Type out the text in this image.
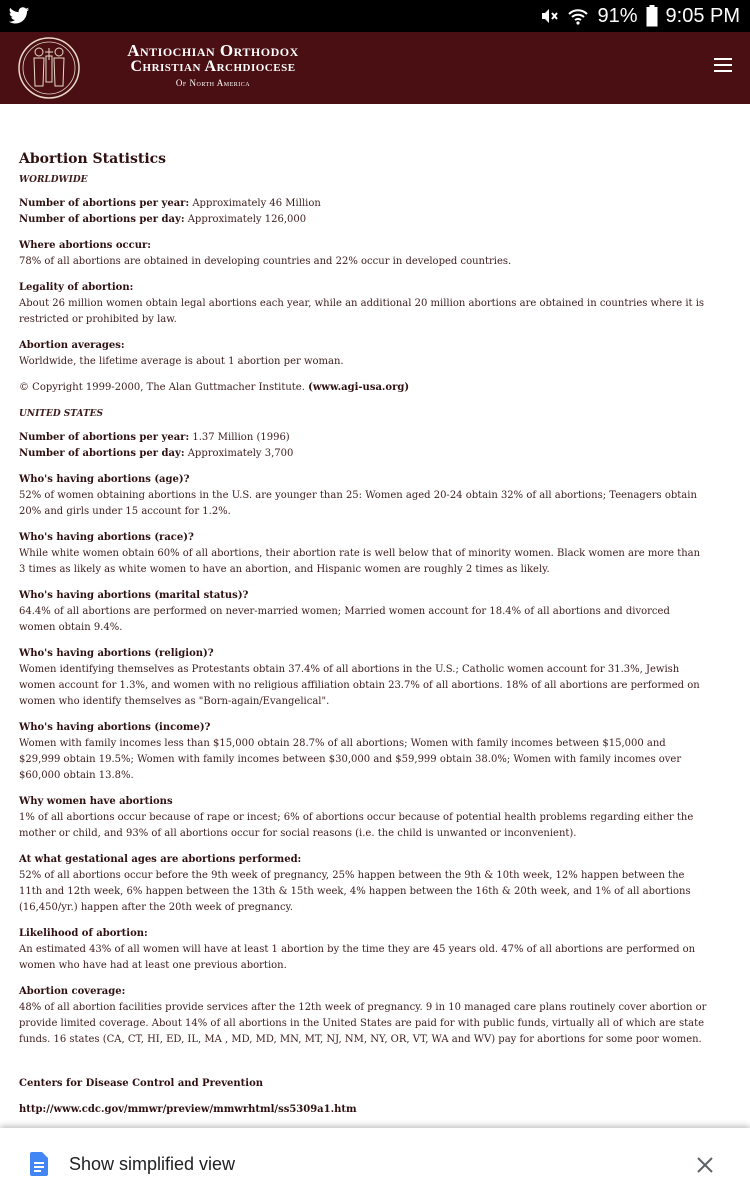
91% 9:05 PM
Antiochian Orthodox
Christian Archdiocese
Of North America
Abortion Statistics

WORLDWIDE

Number of abortions per year: Approximately 46 Million

Number of abortions per day: Approximately 126,000

Where abortions occur:
78% of all abortions are obtained in developing countries and 22% occur in developed countries.
Legality of abortion:
About 26 million women obtain legal abortions each year, while an additional 20 million abortions are obtained in countries where it is restricted or prohibited by law.
Abortion averages:
Worldwide, the lifetime average is about 1 abortion per woman.

© Copyright 1999-2000, The Alan Guttmacher Institute. (www.agi-usa.org)

UNITED STATES

Number of abortions per year: 1.37 Million (1996)

Number of abortions per day: Approximately 3,700

Who's having abortions (age)?
52% of women obtaining abortions in the U.S. are younger than 25: Women aged 20-24 obtain 32% of all abortions; Teenagers obtain 20% and girls under 15 account for 1.2%.
Who's having abortions (race)?
While white women obtain 60% of all abortions, their abortion rate is well below that of minority women. Black women are more than 3 times as likely as white women to have an abortion, and Hispanic women are roughly 2 times as likely.
Who's having abortions (marital status)?
64.4% of all abortions are performed on never-married women; Married women account for 18.4% of all abortions and divorced women obtain 9.4%.
Who's having abortions (religion)?
Women identifying themselves as Protestants obtain 37.4% of all abortions in the U.S.; Catholic women account for 31.3%, Jewish women account for 1.3%, and women with no religious affiliation obtain 23.7% of all abortions. 18% of all abortions are performed on women who identify themselves as "Born-again/Evangelical".
Who's having abortions (income)?
Women with family incomes less than $15,000 obtain 28.7% of all abortions; Women with family incomes between $15,000 and $29,999 obtain 19.5%; Women with family incomes between $30,000 and $59,999 obtain 38.0%; Women with family incomes over $60,000 obtain 13.8%.
Why women have abortions
1% of all abortions occur because of rape or incest; 6% of abortions occur because of potential health problems regarding either the mother or child, and 93% of all abortions occur for social reasons (i.e. the child is unwanted or inconvenient).
At what gestational ages are abortions performed:
52% of all abortions occur before the 9th week of pregnancy, 25% happen between the 9th & 10th week, 12% happen between the 11th and 12th week, 6% happen between the 13th & 15th week, 4% happen between the 16th & 20th week, and 1% of all abortions (16,450/yr.) happen after the 20th week of pregnancy.
Likelihood of abortion:
An estimated 43% of all women will have at least 1 abortion by the time they are 45 years old. 47% of all abortions are performed on women who have had at least one previous abortion.
Abortion coverage:
48% of all abortion facilities provide services after the 12th week of pregnancy. 9 in 10 managed care plans routinely cover abortion or provide limited coverage. About 14% of all abortions in the United States are paid for with public funds, virtually all of which are state funds. 16 states (CA, CT, HI, ED, IL, MA , MD, MD, MN, MT, NJ, NM, NY, OR, VT, WA and WV) pay for abortions for some poor women.
Centers for Disease Control and Prevention
http://www.cdc.gov/mmwr/preview/mmwrhtml/ss5309a1.htm
Show simplified view
